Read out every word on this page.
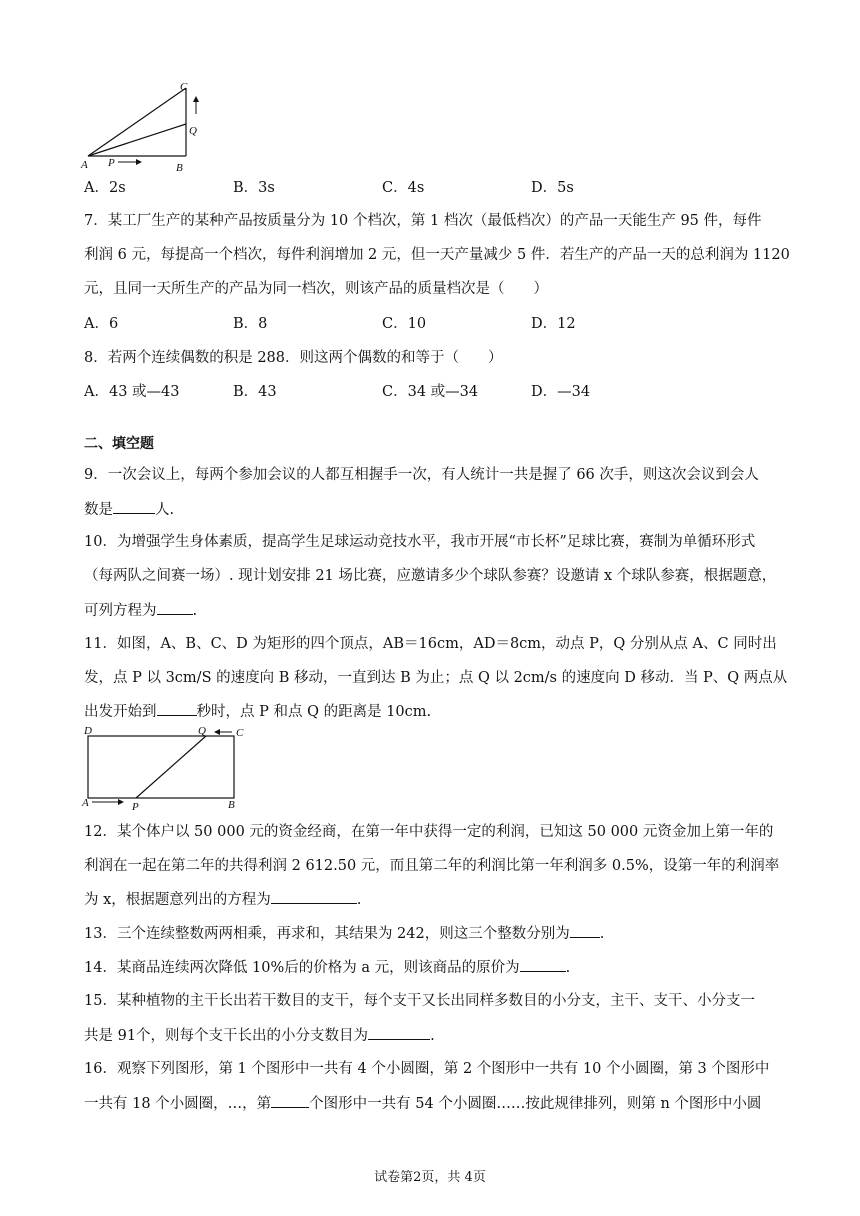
A P	B
C
Q
A．2s	B．3s	C．4s	D．5s
7．某工厂生产的某种产品按质量分为 10 个档次，第 1 档次（最低档次）的产品一天能生产 95 件，每件
利润 6 元，每提高一个档次，每件利润增加 2 元，但一天产量减少 5 件．若生产的产品一天的总利润为 1120
元，且同一天所生产的产品为同一档次，则该产品的质量档次是（　　）
A．6	B．8	C．10	D．12
8．若两个连续偶数的积是 288．则这两个偶数的和等于（　　）
A．43 或—43	B．43	C．34 或—34	D．—34
二、填空题
9．一次会议上，每两个参加会议的人都互相握手一次，有人统计一共是握了 66 次手，则这次会议到会人
数是	人.
10．为增强学生身体素质，提高学生足球运动竞技水平，我市开展“市长杯”足球比赛，赛制为单循环形式
（每两队之间赛一场）. 现计划安排 21 场比赛，应邀请多少个球队参赛？设邀请 x 个球队参赛，根据题意，
可列方程为 .
11．如图，A、B、C、D 为矩形的四个顶点，AB＝16cm，AD＝8cm，动点 P，Q 分别从点 A、C 同时出
发，点 P 以 3cm/S 的速度向 B 移动，一直到达 B 为止；点 Q 以 2cm/s 的速度向 D 移动．当 P、Q 两点从
出发开始到	秒时，点 P 和点 Q 的距离是 10cm.
D	Q	C
A	P	B
12．某个体户以 50 000 元的资金经商，在第一年中获得一定的利润，已知这 50 000 元资金加上第一年的
利润在一起在第二年的共得利润 2 612.50 元，而且第二年的利润比第一年利润多 0.5%，设第一年的利润率
为 x，根据题意列出的方程为	.
13．三个连续整数两两相乘，再求和，其结果为 242，则这三个整数分别为 .
14．某商品连续两次降低 10%后的价格为 a 元，则该商品的原价为	.
15．某种植物的主干长出若干数目的支干，每个支干又长出同样多数目的小分支，主干、支干、小分支一
共是 91个，则每个支干长出的小分支数目为	.
16．观察下列图形，第 1 个图形中一共有 4 个小圆圈，第 2 个图形中一共有 10 个小圆圈，第 3 个图形中
一共有 18 个小圆圈，…，第	个图形中一共有 54 个小圆圈……按此规律排列，则第 n 个图形中小圆
试卷第2页，共 4页
